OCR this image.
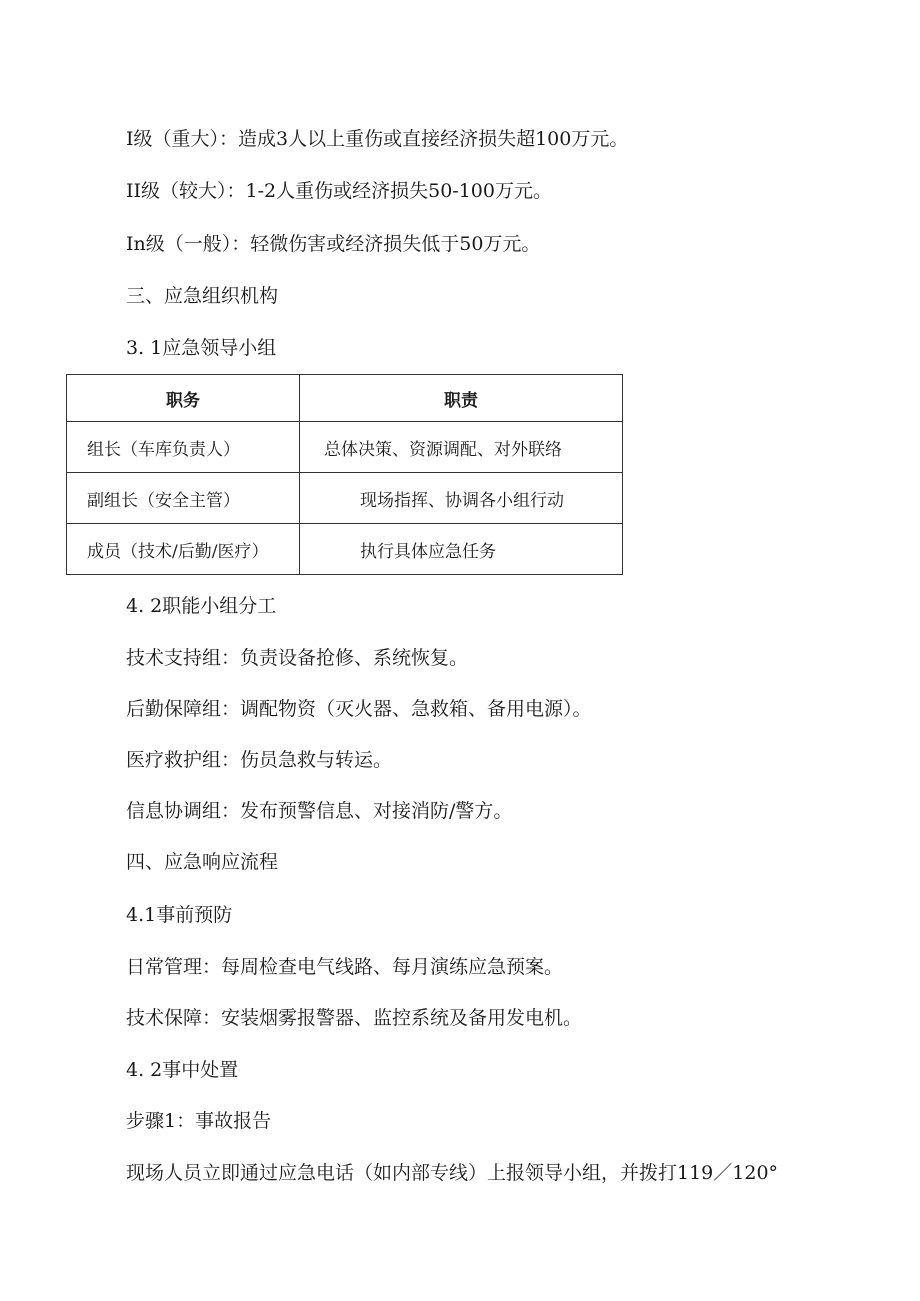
I级（重大）：造成3人以上重伤或直接经济损失超100万元。

II级（较大）：1-2人重伤或经济损失50-100万元。

In级（一般）：轻微伤害或经济损失低于50万元。

三、应急组织机构

3. 1应急领导小组

职务	职责

组长（车库负责人）	总体决策、资源调配、对外联络

副组长（安全主管）	现场指挥、协调各小组行动

成员（技术/后勤/医疗）	执行具体应急任务

4. 2职能小组分工

技术支持组：负责设备抢修、系统恢复。

后勤保障组：调配物资（灭火器、急救箱、备用电源）。

医疗救护组：伤员急救与转运。

信息协调组：发布预警信息、对接消防/警方。

四、应急响应流程

4.1事前预防

日常管理：每周检查电气线路、每月演练应急预案。

技术保障：安装烟雾报警器、监控系统及备用发电机。

4. 2事中处置

步骤1：事故报告

现场人员立即通过应急电话（如内部专线）上报领导小组，并拨打119／120°
